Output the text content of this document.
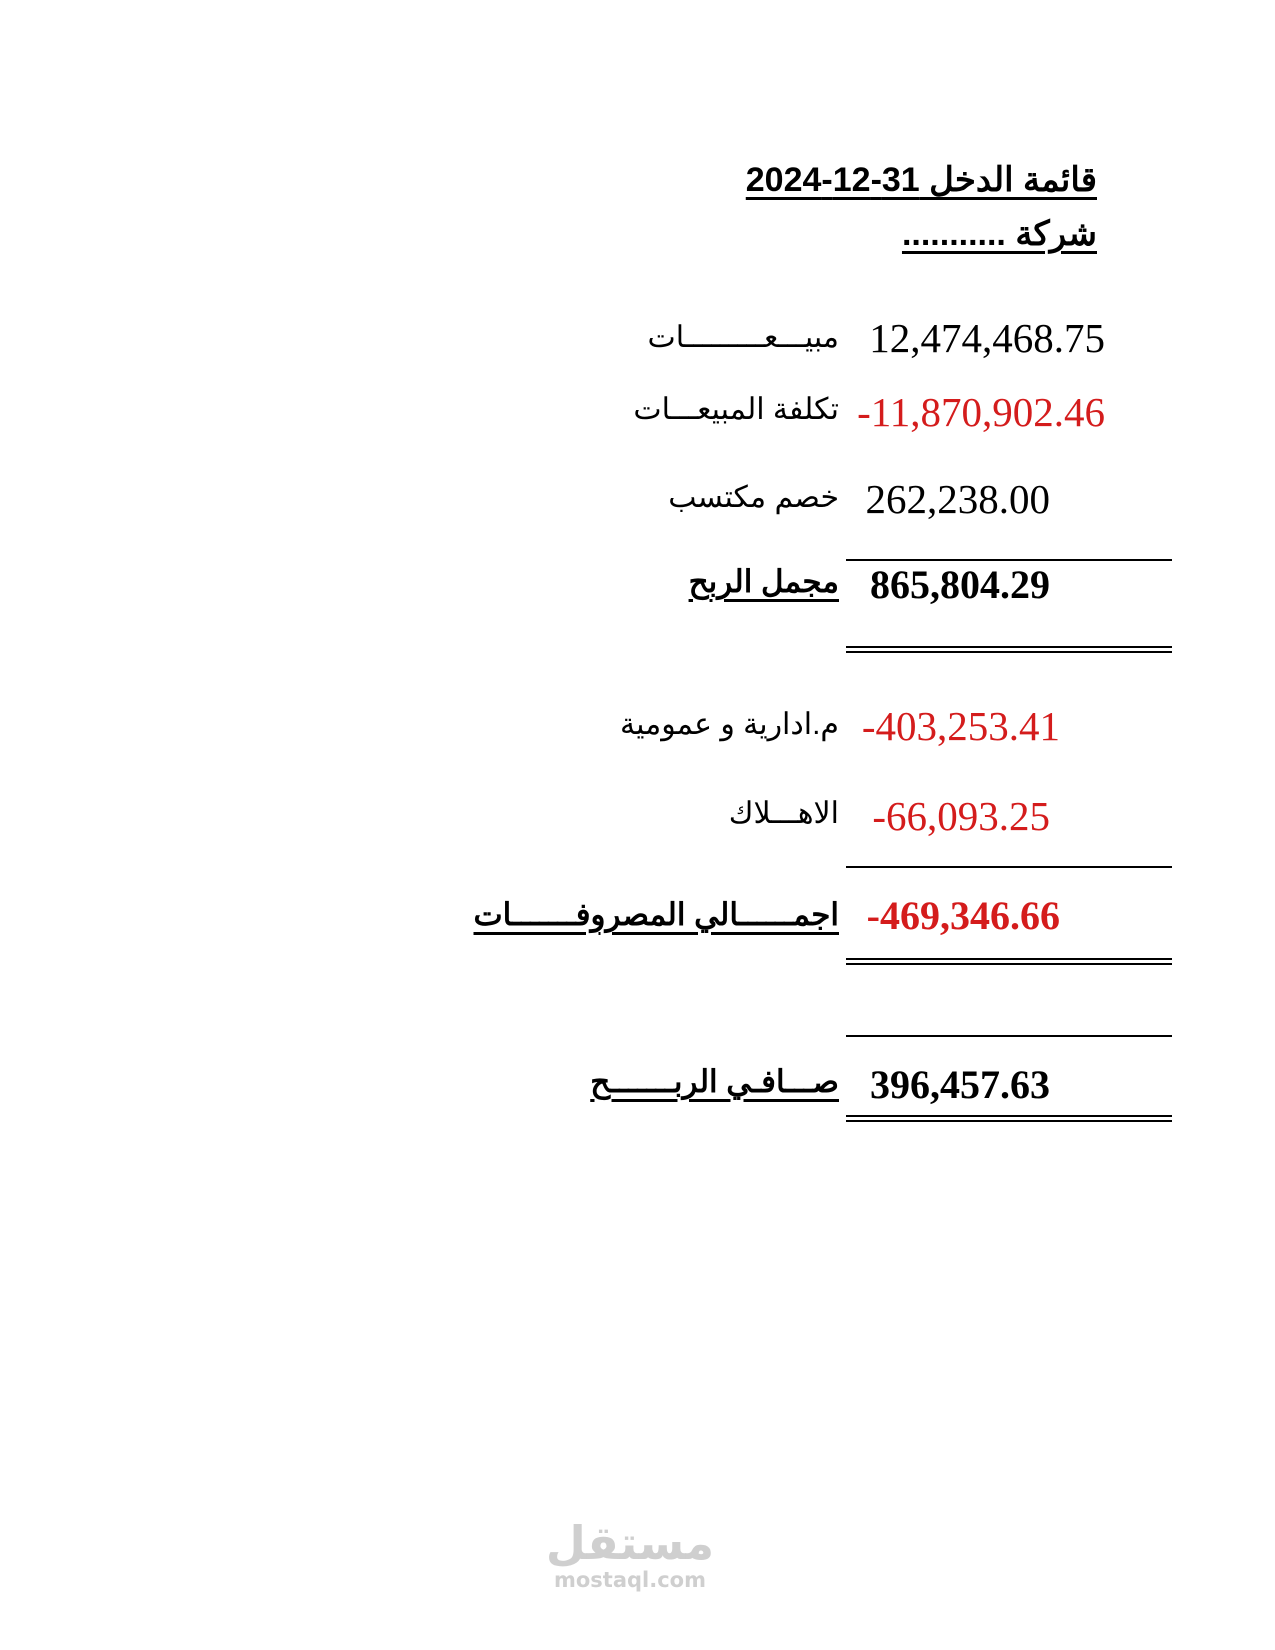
قائمة الدخل 31-12-2024
شركة ...........
مبيـــعـــــــــات 12,474,468.75
تكلفة المبيعـــات -11,870,902.46
خصم مكتسب 262,238.00
مجمل الربح 865,804.29
م.ادارية و عمومية -403,253.41
الاهـــلاك -66,093.25
اجمــــــالي المصروفـــــــات -469,346.66
صـــافـي الربـــــــح 396,457.63
مستقل
mostaql.com
